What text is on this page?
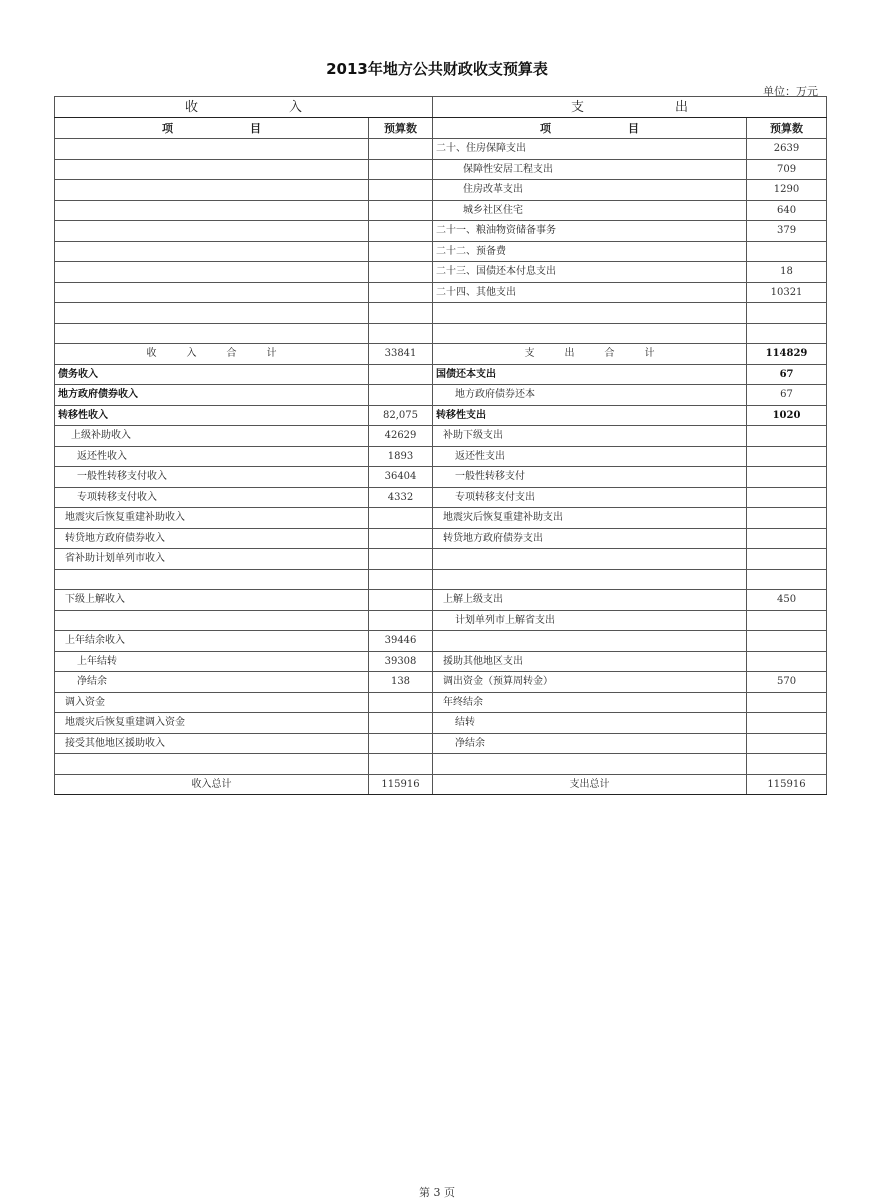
2013年地方公共财政收支预算表
单位：万元
收　　　　　　　入		支　　　　　　　出	
项　　　　　　　目	预算数	项　　　　　　　目	预算数
		二十、住房保障支出	2639
		保障性安居工程支出	709
		住房改革支出	1290
		城乡社区住宅	640
		二十一、粮油物资储备事务	379
		二十二、预备费	
		二十三、国债还本付息支出	18
		二十四、其他支出	10321

收　　　入　　　合　　　计	33841	支　　　出　　　合　　　计	114829
债务收入		国债还本支出	67
地方政府债券收入		地方政府债券还本	67
转移性收入	82,075	转移性支出	1020
上级补助收入	42629	补助下级支出	
返还性收入	1893	返还性支出	
一般性转移支付收入	36404	一般性转移支付	
专项转移支付收入	4332	专项转移支付支出	
地震灾后恢复重建补助收入		地震灾后恢复重建补助支出	
转贷地方政府债券收入		转贷地方政府债券支出	
省补助计划单列市收入			

下级上解收入		上解上级支出	450
		计划单列市上解省支出	
上年结余收入	39446		
上年结转	39308	援助其他地区支出	
净结余	138	调出资金（预算周转金）	570
调入资金		年终结余	
地震灾后恢复重建调入资金		结转	
接受其他地区援助收入		净结余	

收入总计	115916	支出总计	115916
第 3 页
